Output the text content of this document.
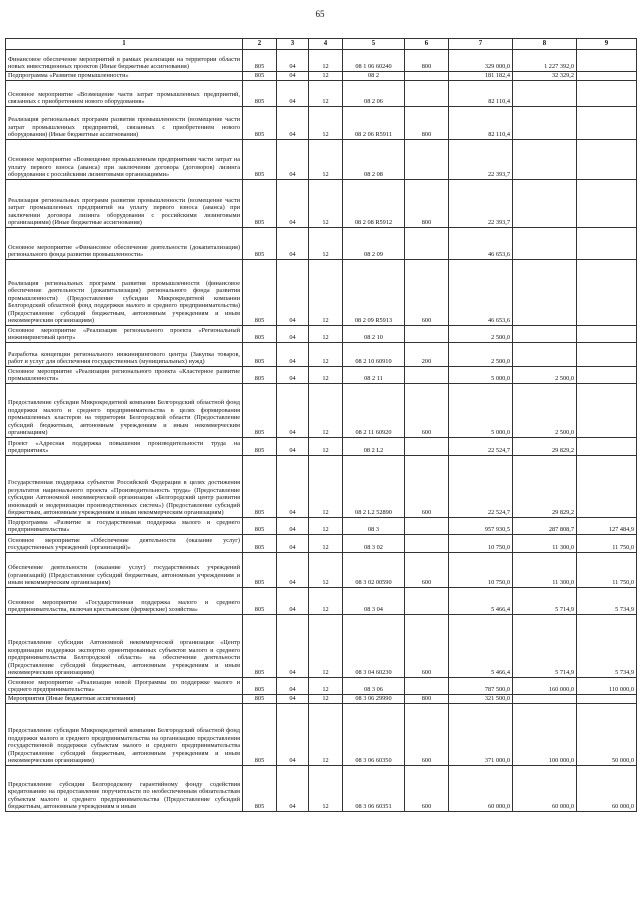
65
1	2	3	4	5	6	7	8	9
Финансовое обеспечение мероприятий в рамках реализации на территории области новых инвестиционных проектов (Иные бюджетные ассигнования)	805	04	12	08 1 06 60240	800	329 000,0	1 227 392,0	
Подпрограмма «Развитие промышленности»	805	04	12	08 2		181 182,4	32 329,2	
Основное мероприятие «Возмещение части затрат промышленных предприятий, связанных с приобретением нового оборудования»	805	04	12	08 2 06		82 110,4		
Реализация региональных программ развития промышленности (возмещение части затрат промышленных предприятий, связанных с приобретением нового оборудования) (Иные бюджетные ассигнования)	805	04	12	08 2 06 R5911	800	82 110,4		
Основное мероприятие «Возмещение промышленным предприятиям части затрат на уплату первого взноса (аванса) при заключении договора (договоров) лизинга оборудования с российскими лизинговыми организациями»	805	04	12	08 2 08		22 393,7		
Реализация региональных программ развития промышленности (возмещение части затрат промышленных предприятий на уплату первого взноса (аванса) при заключении договора лизинга оборудования с российскими лизинговыми организациями) (Иные бюджетные ассигнования)	805	04	12	08 2 08 R5912	800	22 393,7		
Основное мероприятие «Финансовое обеспечение деятельности (докапитализация) регионального фонда развития промышленности»	805	04	12	08 2 09		46 653,6		
Реализация региональных программ развития промышленности (финансовое обеспечение деятельности (докапитализация) регионального фонда развития промышленности) (Предоставление субсидии Микрокредитной компании Белгородский областной фонд поддержки малого и среднего предпринимательства) (Предоставление субсидий бюджетным, автономным учреждениям и иным некоммерческим организациям)	805	04	12	08 2 09 R5913	600	46 653,6		
Основное мероприятие «Реализация регионального проекта «Региональный инжиниринговый центр»	805	04	12	08 2 10		2 500,0		
Разработка концепции регионального инжинирингового центра (Закупка товаров, работ и услуг для обеспечения государственных (муниципальных) нужд)	805	04	12	08 2 10 60910	200	2 500,0		
Основное мероприятие «Реализация регионального проекта «Кластерное развитие промышленности»	805	04	12	08 2 11		5 000,0	2 500,0	
Предоставление субсидии Микрокредитной компании Белгородский областной фонд поддержки малого и среднего предпринимательства в целях формирования промышленных кластеров на территории Белгородской области (Предоставление субсидий бюджетным, автономным учреждениям и иным некоммерческим организациям)	805	04	12	08 2 11 60920	600	5 000,0	2 500,0	
Проект «Адресная поддержка повышения производительности труда на предприятиях»	805	04	12	08 2 L2		22 524,7	29 829,2	
Государственная поддержка субъектов Российской Федерации в целях достижения результатов национального проекта «Производительность труда» (Предоставление субсидии Автономной некоммерческой организации «Белгородский центр развития инноваций и модернизации производственных систем») (Предоставление субсидий бюджетным, автономным учреждениям и иным некоммерческим организациям)	805	04	12	08 2 L2 52890	600	22 524,7	29 829,2	
Подпрограмма «Развитие и государственная поддержка малого и среднего предпринимательства»	805	04	12	08 3		957 930,5	287 808,7	127 484,9
Основное мероприятие «Обеспечение деятельности (оказание услуг) государственных учреждений (организаций)»	805	04	12	08 3 02		10 750,0	11 300,0	11 750,0
Обеспечение деятельности (оказание услуг) государственных учреждений (организаций) (Предоставление субсидий бюджетным, автономным учреждениям и иным некоммерческим организациям)	805	04	12	08 3 02 00590	600	10 750,0	11 300,0	11 750,0
Основное мероприятие «Государственная поддержка малого и среднего предпринимательства, включая крестьянские (фермерские) хозяйства»	805	04	12	08 3 04		5 466,4	5 714,9	5 734,9
Предоставление субсидии Автономной некоммерческой организации «Центр координации поддержки экспортно ориентированных субъектов малого и среднего предпринимательства Белгородской области» на обеспечение деятельности (Предоставление субсидий бюджетным, автономным учреждениям и иным некоммерческим организациям)	805	04	12	08 3 04 60230	600	5 466,4	5 714,9	5 734,9
Основное мероприятие «Реализация новой Программы по поддержке малого и среднего предпринимательства»	805	04	12	08 3 06		787 500,0	160 000,0	110 000,0
Мероприятия (Иные бюджетные ассигнования)	805	04	12	08 3 06 29990	800	321 500,0		
Предоставление субсидии Микрокредитной компании Белгородский областной фонд поддержки малого и среднего предпринимательства на организацию предоставления государственной поддержки субъектам малого и среднего предпринимательства (Предоставление субсидий бюджетным, автономным учреждениям и иным некоммерческим организациям)	805	04	12	08 3 06 60350	600	371 000,0	100 000,0	50 000,0
Предоставление субсидии Белгородскому гарантийному фонду содействия кредитованию на предоставление поручительств по необеспеченным обязательствам субъектам малого и среднего предпринимательства (Предоставление субсидий бюджетным, автономным учреждениям и иным	805	04	12	08 3 06 60351	600	60 000,0	60 000,0	60 000,0
